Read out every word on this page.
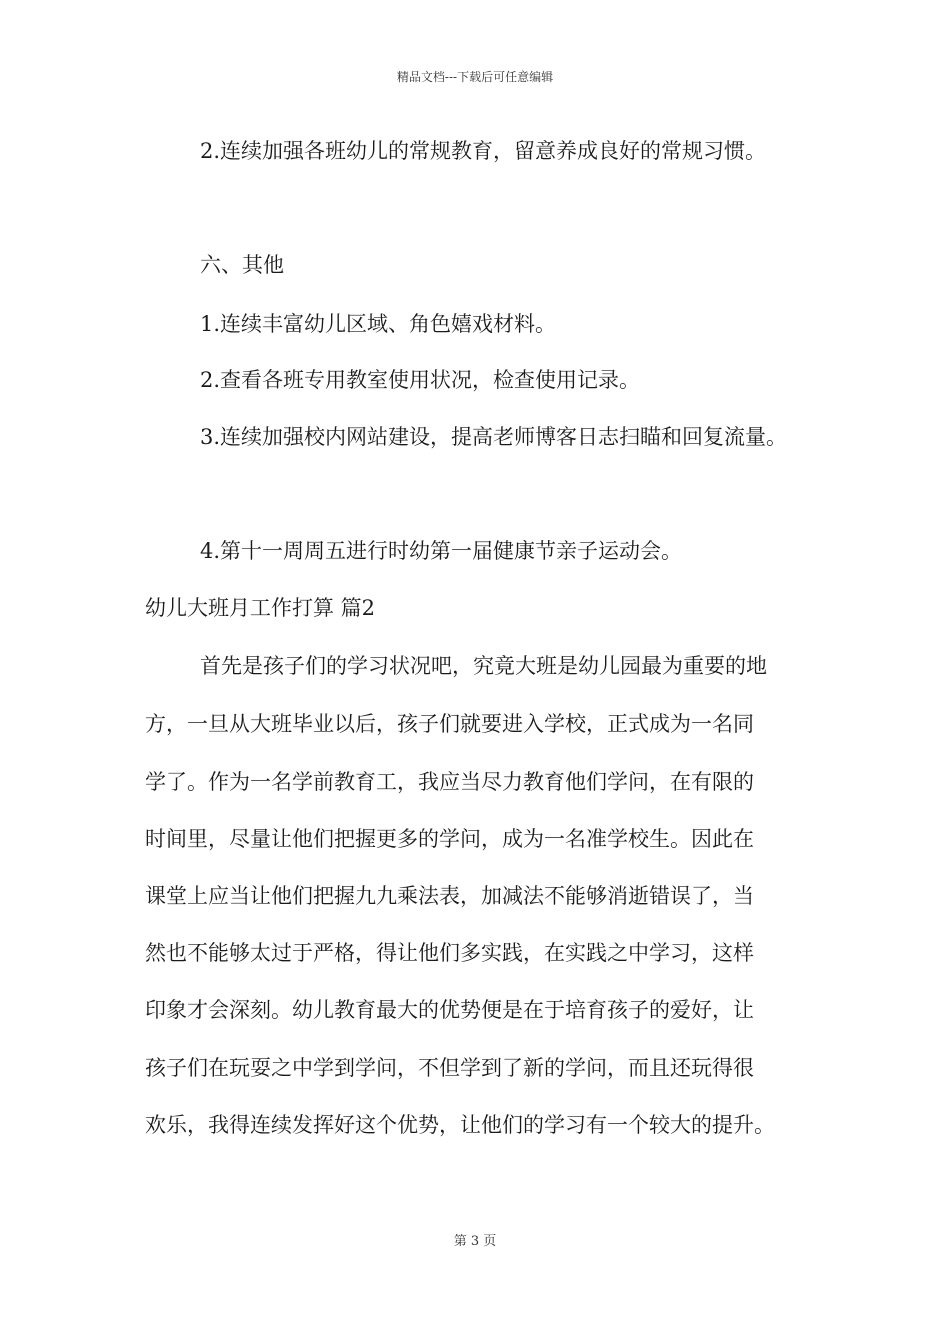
精品文档---下载后可任意编辑
2.连续加强各班幼儿的常规教育，留意养成良好的常规习惯。
六、其他
1.连续丰富幼儿区域、角色嬉戏材料。
2.查看各班专用教室使用状况，检查使用记录。
3.连续加强校内网站建设，提高老师博客日志扫瞄和回复流量。
4.第十一周周五进行时幼第一届健康节亲子运动会。
幼儿大班月工作打算 篇2
首先是孩子们的学习状况吧，究竟大班是幼儿园最为重要的地
方，一旦从大班毕业以后，孩子们就要进入学校，正式成为一名同
学了。作为一名学前教育工，我应当尽力教育他们学问，在有限的
时间里，尽量让他们把握更多的学问，成为一名准学校生。因此在
课堂上应当让他们把握九九乘法表，加减法不能够消逝错误了，当
然也不能够太过于严格，得让他们多实践，在实践之中学习，这样
印象才会深刻。幼儿教育最大的优势便是在于培育孩子的爱好，让
孩子们在玩耍之中学到学问，不但学到了新的学问，而且还玩得很
欢乐，我得连续发挥好这个优势，让他们的学习有一个较大的提升。
第 3 页
